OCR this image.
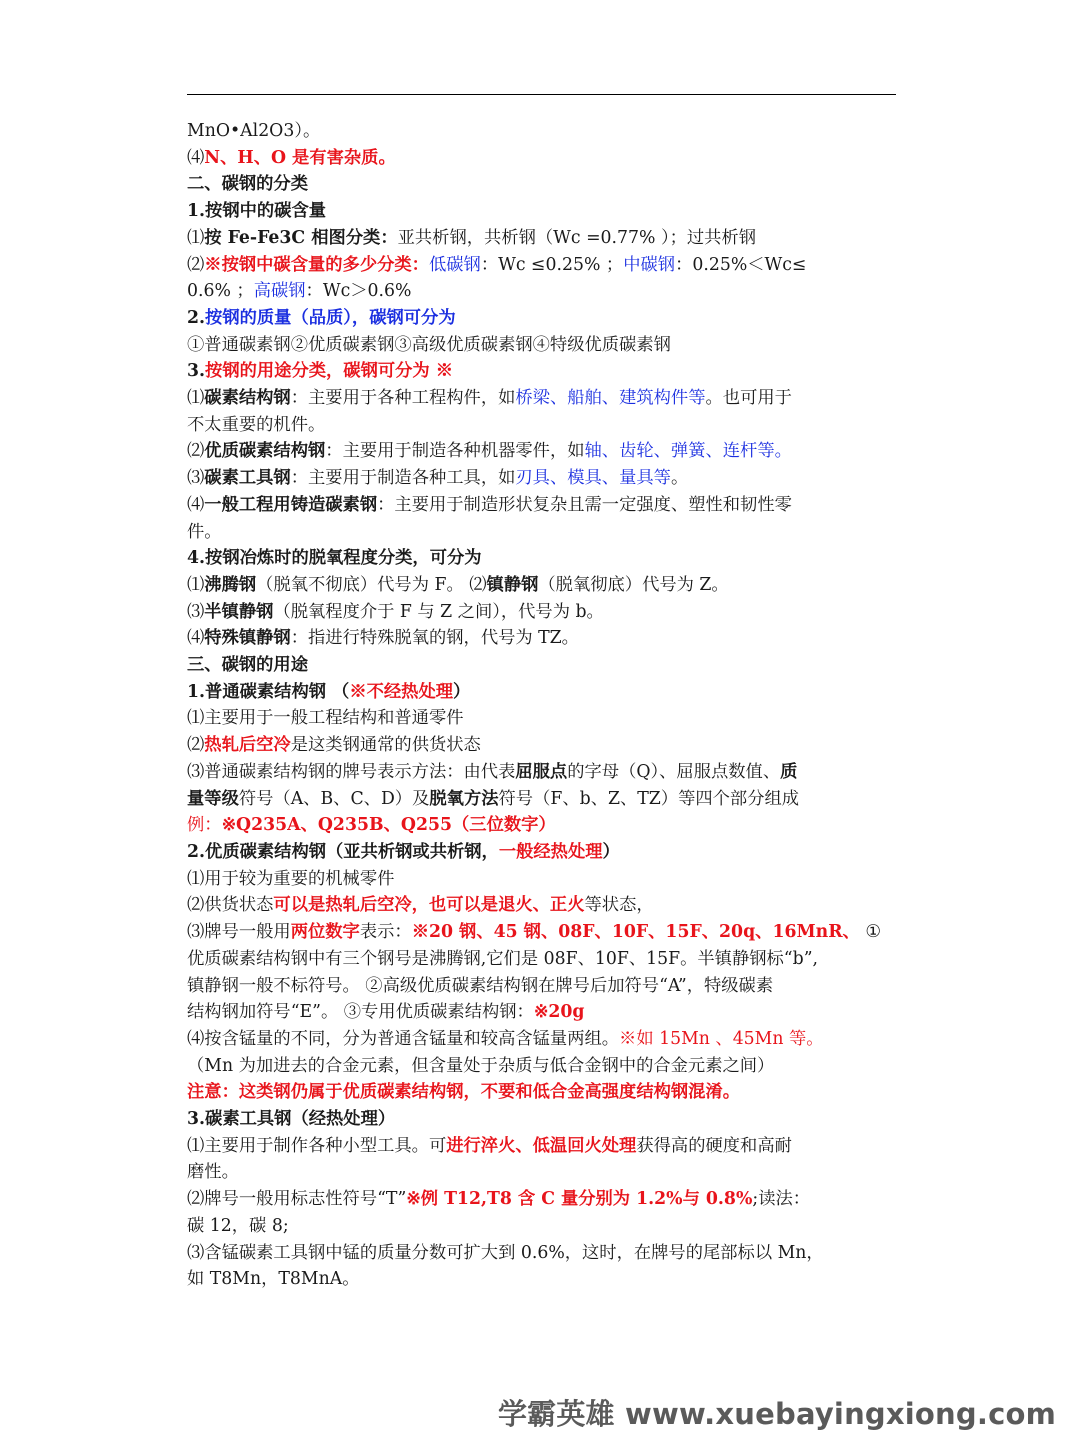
MnO•Al2O3）。
⑷N、H、O 是有害杂质。
二、碳钢的分类
1.按钢中的碳含量
⑴按 Fe-Fe3C 相图分类：亚共析钢，共析钢（Wc =0.77% ）；过共析钢
⑵※按钢中碳含量的多少分类：低碳钢：Wc ≤0.25% ；中碳钢：0.25%＜Wc≤
0.6% ；高碳钢：Wc＞0.6%
2.按钢的质量（品质），碳钢可分为
①普通碳素钢②优质碳素钢③高级优质碳素钢④特级优质碳素钢
3.按钢的用途分类，碳钢可分为 ※
⑴碳素结构钢：主要用于各种工程构件，如桥梁、船舶、建筑构件等。也可用于
不太重要的机件。
⑵优质碳素结构钢：主要用于制造各种机器零件，如轴、齿轮、弹簧、连杆等。
⑶碳素工具钢：主要用于制造各种工具，如刃具、模具、量具等。
⑷一般工程用铸造碳素钢：主要用于制造形状复杂且需一定强度、塑性和韧性零
件。
4.按钢冶炼时的脱氧程度分类，可分为
⑴沸腾钢（脱氧不彻底）代号为 F。 ⑵镇静钢（脱氧彻底）代号为 Z。
⑶半镇静钢（脱氧程度介于 F 与 Z 之间），代号为 b。
⑷特殊镇静钢：指进行特殊脱氧的钢，代号为 TZ。
三、碳钢的用途
1.普通碳素结构钢 （※不经热处理）
⑴主要用于一般工程结构和普通零件
⑵热轧后空冷是这类钢通常的供货状态
⑶普通碳素结构钢的牌号表示方法：由代表屈服点的字母（Q）、屈服点数值、质
量等级符号（A、B、C、D）及脱氧方法符号（F、b、Z、TZ）等四个部分组成
例：※Q235A、Q235B、Q255（三位数字）
2.优质碳素结构钢（亚共析钢或共析钢，一般经热处理）
⑴用于较为重要的机械零件
⑵供货状态可以是热轧后空冷，也可以是退火、正火等状态，
⑶牌号一般用两位数字表示：※20 钢、45 钢、08F、10F、15F、20q、16MnR、 ①
优质碳素结构钢中有三个钢号是沸腾钢,它们是 08F、10F、15F。半镇静钢标“b”,
镇静钢一般不标符号。 ②高级优质碳素结构钢在牌号后加符号“A”，特级碳素
结构钢加符号“E”。 ③专用优质碳素结构钢：※20g
⑷按含锰量的不同，分为普通含锰量和较高含锰量两组。※如 15Mn 、45Mn 等。
（Mn 为加进去的合金元素，但含量处于杂质与低合金钢中的合金元素之间）
注意：这类钢仍属于优质碳素结构钢，不要和低合金高强度结构钢混淆。
3.碳素工具钢（经热处理）
⑴主要用于制作各种小型工具。可进行淬火、低温回火处理获得高的硬度和高耐
磨性。
⑵牌号一般用标志性符号“T”※例 T12,T8 含 C 量分别为 1.2%与 0.8%;读法：
碳 12，碳 8;
⑶含锰碳素工具钢中锰的质量分数可扩大到 0.6%，这时，在牌号的尾部标以 Mn，
如 T8Mn，T8MnA。
学霸英雄 www.xuebayingxiong.com
